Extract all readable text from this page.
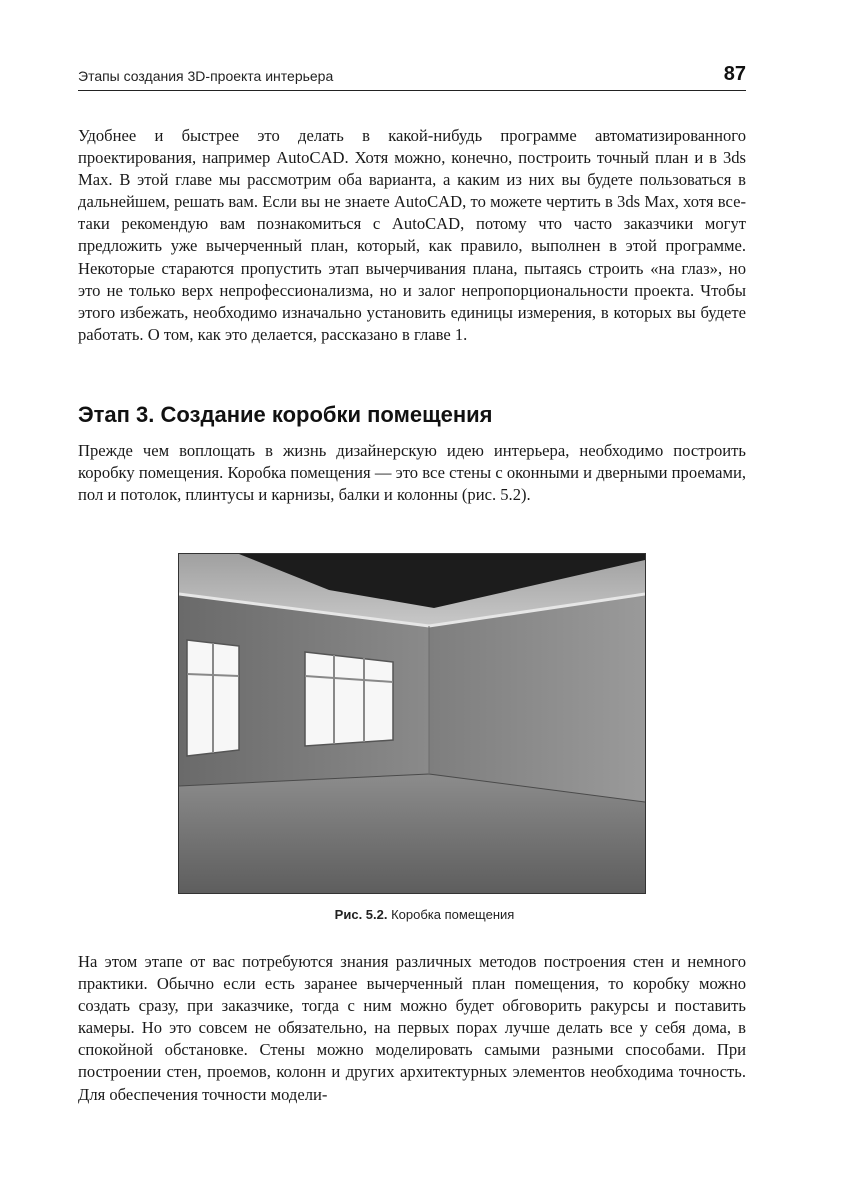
Этапы создания 3D-проекта интерьера	87

Удобнее и быстрее это делать в какой-нибудь программе автоматизированного проектирования, например AutoCAD. Хотя можно, конечно, построить точный план и в 3ds Max. В этой главе мы рассмотрим оба варианта, а каким из них вы будете пользоваться в дальнейшем, решать вам. Если вы не знаете AutoCAD, то можете чертить в 3ds Max, хотя все-таки рекомендую вам познакомиться с AutoCAD, потому что часто заказчики могут предложить уже вычерченный план, который, как правило, выполнен в этой программе. Некоторые стараются пропустить этап вычерчивания плана, пытаясь строить «на глаз», но это не только верх непрофессионализма, но и залог непропорциональности проекта. Чтобы этого избежать, необходимо изначально установить единицы измерения, в которых вы будете работать. О том, как это делается, рассказано в главе 1.

Этап 3. Создание коробки помещения

Прежде чем воплощать в жизнь дизайнерскую идею интерьера, необходимо построить коробку помещения. Коробка помещения — это все стены с оконными и дверными проемами, пол и потолок, плинтусы и карнизы, балки и колонны (рис. 5.2).

Рис. 5.2. Коробка помещения

На этом этапе от вас потребуются знания различных методов построения стен и немного практики. Обычно если есть заранее вычерченный план помещения, то коробку можно создать сразу, при заказчике, тогда с ним можно будет обговорить ракурсы и поставить камеры. Но это совсем не обязательно, на первых порах лучше делать все у себя дома, в спокойной обстановке. Стены можно моделировать самыми разными способами. При построении стен, проемов, колонн и других архитектурных элементов необходима точность. Для обеспечения точности модели-
